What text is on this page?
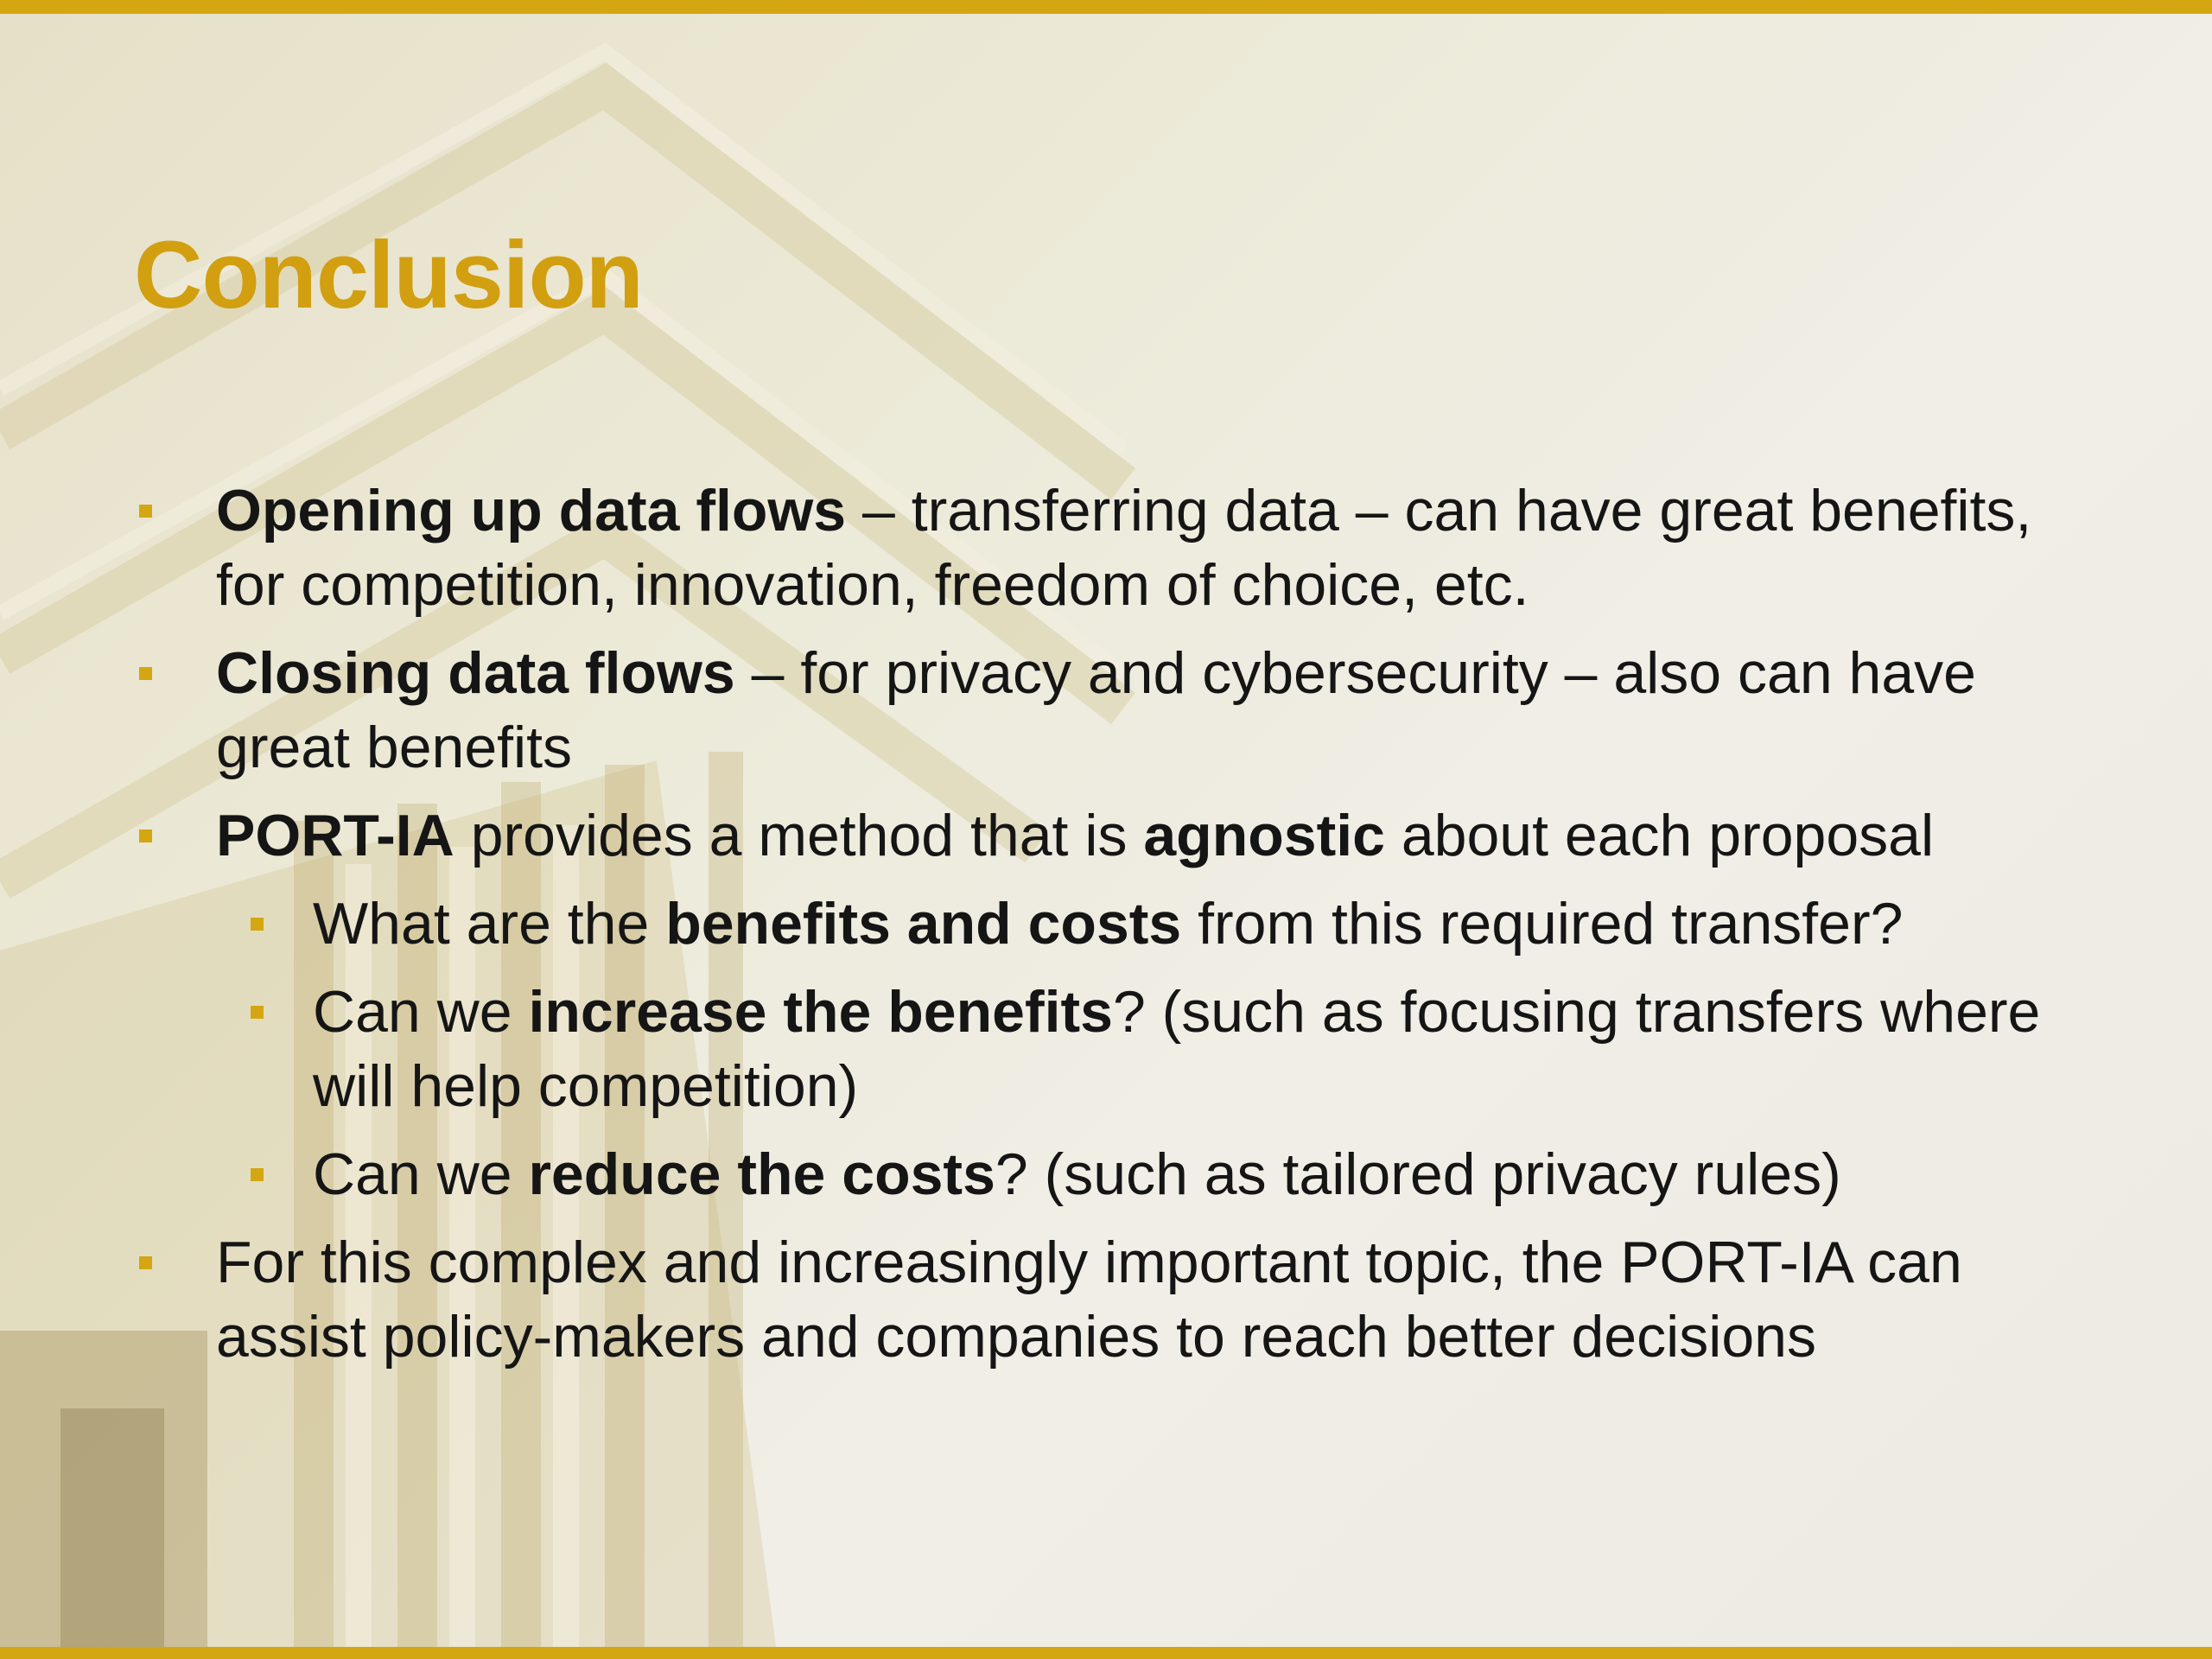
Conclusion
Opening up data flows – transferring data – can have great benefits, for competition, innovation, freedom of choice, etc.
Closing data flows – for privacy and cybersecurity – also can have great benefits
PORT-IA provides a method that is agnostic about each proposal
What are the benefits and costs from this required transfer?
Can we increase the benefits? (such as focusing transfers where will help competition)
Can we reduce the costs? (such as tailored privacy rules)
For this complex and increasingly important topic, the PORT-IA can assist policy-makers and companies to reach better decisions
